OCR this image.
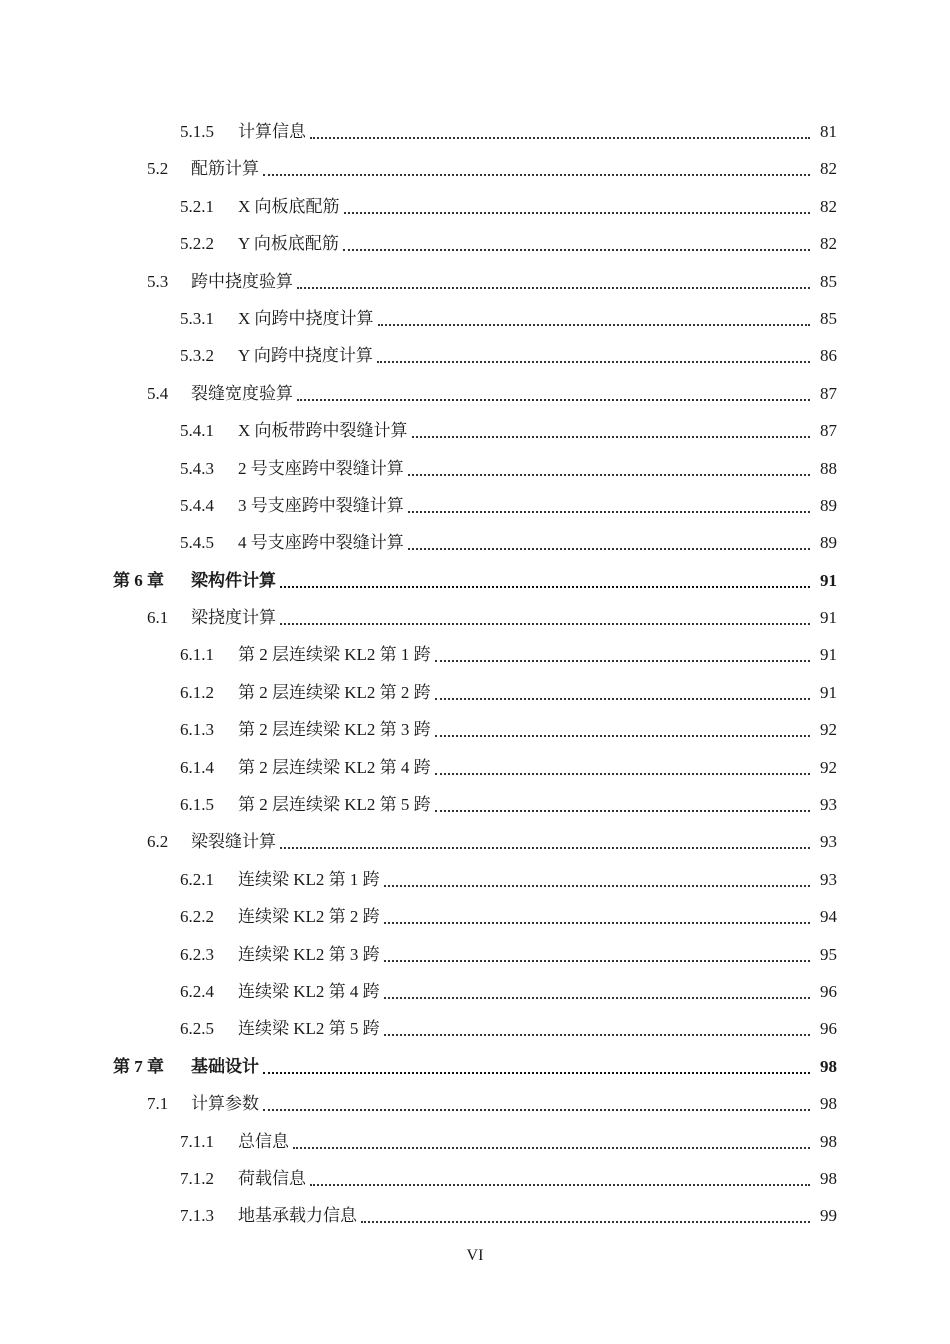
5.1.5 计算信息	81
5.2 配筋计算	82
5.2.1 X 向板底配筋	82
5.2.2 Y 向板底配筋	82
5.3 跨中挠度验算	85
5.3.1 X 向跨中挠度计算	85
5.3.2 Y 向跨中挠度计算	86
5.4 裂缝宽度验算	87
5.4.1 X 向板带跨中裂缝计算	87
5.4.3 2 号支座跨中裂缝计算	88
5.4.4 3 号支座跨中裂缝计算	89
5.4.5 4 号支座跨中裂缝计算	89
第 6 章 梁构件计算	91
6.1 梁挠度计算	91
6.1.1 第 2 层连续梁 KL2 第 1 跨	91
6.1.2 第 2 层连续梁 KL2 第 2 跨	91
6.1.3 第 2 层连续梁 KL2 第 3 跨	92
6.1.4 第 2 层连续梁 KL2 第 4 跨	92
6.1.5 第 2 层连续梁 KL2 第 5 跨	93
6.2 梁裂缝计算	93
6.2.1 连续梁 KL2 第 1 跨	93
6.2.2 连续梁 KL2 第 2 跨	94
6.2.3 连续梁 KL2 第 3 跨	95
6.2.4 连续梁 KL2 第 4 跨	96
6.2.5 连续梁 KL2 第 5 跨	96
第 7 章 基础设计	98
7.1 计算参数	98
7.1.1 总信息	98
7.1.2 荷载信息	98
7.1.3 地基承载力信息	99
VI
